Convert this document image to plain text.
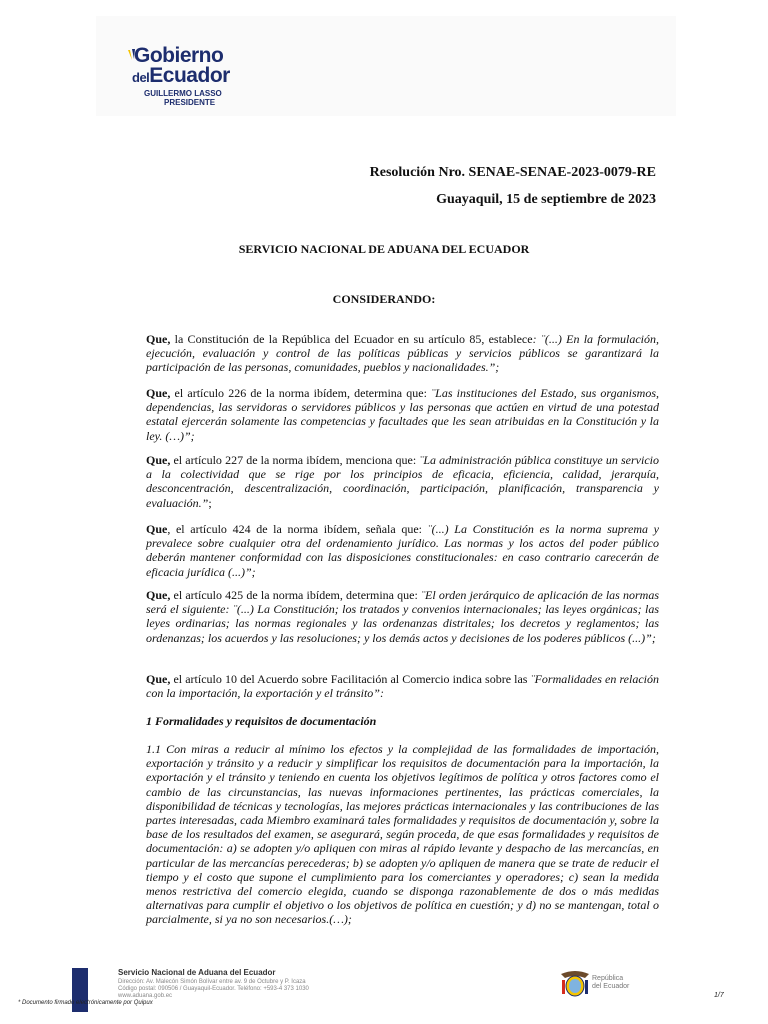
Gobierno
delEcuador
GUILLERMO LASSO
PRESIDENTE
Resolución Nro. SENAE-SENAE-2023-0079-RE
Guayaquil, 15 de septiembre de 2023
SERVICIO NACIONAL DE ADUANA DEL ECUADOR
CONSIDERANDO:

Que, la Constitución de la República del Ecuador en su artículo 85, establece: ¨(...) En la formulación, ejecución, evaluación y control de las políticas públicas y servicios públicos se garantizará la participación de las personas, comunidades, pueblos y nacionalidades.”;

Que, el artículo 226 de la norma ibídem, determina que: ¨Las instituciones del Estado, sus organismos, dependencias, las servidoras o servidores públicos y las personas que actúen en virtud de una potestad estatal ejercerán solamente las competencias y facultades que les sean atribuidas en la Constitución y la ley. (…)”;

Que, el artículo 227 de la norma ibídem, menciona que: ¨La administración pública constituye un servicio a la colectividad que se rige por los principios de eficacia, eficiencia, calidad, jerarquía, desconcentración, descentralización, coordinación, participación, planificación, transparencia y evaluación.”;

Que, el artículo 424 de la norma ibídem, señala que: ¨(...) La Constitución es la norma suprema y prevalece sobre cualquier otra del ordenamiento jurídico. Las normas y los actos del poder público deberán mantener conformidad con las disposiciones constitucionales: en caso contrario carecerán de eficacia jurídica (...)”;

Que, el artículo 425 de la norma ibídem, determina que: ¨El orden jerárquico de aplicación de las normas será el siguiente: ¨(...) La Constitución; los tratados y convenios internacionales; las leyes orgánicas; las leyes ordinarias; las normas regionales y las ordenanzas distritales; los decretos y reglamentos; las ordenanzas; los acuerdos y las resoluciones; y los demás actos y decisiones de los poderes públicos (...)”;

Que, el artículo 10 del Acuerdo sobre Facilitación al Comercio indica sobre las ¨Formalidades en relación con la importación, la exportación y el tránsito”:

1 Formalidades y requisitos de documentación

1.1 Con miras a reducir al mínimo los efectos y la complejidad de las formalidades de importación, exportación y tránsito y a reducir y simplificar los requisitos de documentación para la importación, la exportación y el tránsito y teniendo en cuenta los objetivos legítimos de política y otros factores como el cambio de las circunstancias, las nuevas informaciones pertinentes, las prácticas comerciales, la disponibilidad de técnicas y tecnologías, las mejores prácticas internacionales y las contribuciones de las partes interesadas, cada Miembro examinará tales formalidades y requisitos de documentación y, sobre la base de los resultados del examen, se asegurará, según proceda, de que esas formalidades y requisitos de documentación: a) se adopten y/o apliquen con miras al rápido levante y despacho de las mercancías, en particular de las mercancías perecederas; b) se adopten y/o apliquen de manera que se trate de reducir el tiempo y el costo que supone el cumplimiento para los comerciantes y operadores; c) sean la medida menos restrictiva del comercio elegida, cuando se disponga razonablemente de dos o más medidas alternativas para cumplir el objetivo o los objetivos de política en cuestión; y d) no se mantengan, total o parcialmente, si ya no son necesarios.(…);

Servicio Nacional de Aduana del Ecuador
Dirección: Av. Malecón Simón Bolívar entre av. 9 de Octubre y P. Icaza
Código postal: 090506 / Guayaquil-Ecuador. Teléfono: +593-4 373 1030
www.aduana.gob.ec
República
del Ecuador
1/7
* Documento firmado electrónicamente por Quipux
